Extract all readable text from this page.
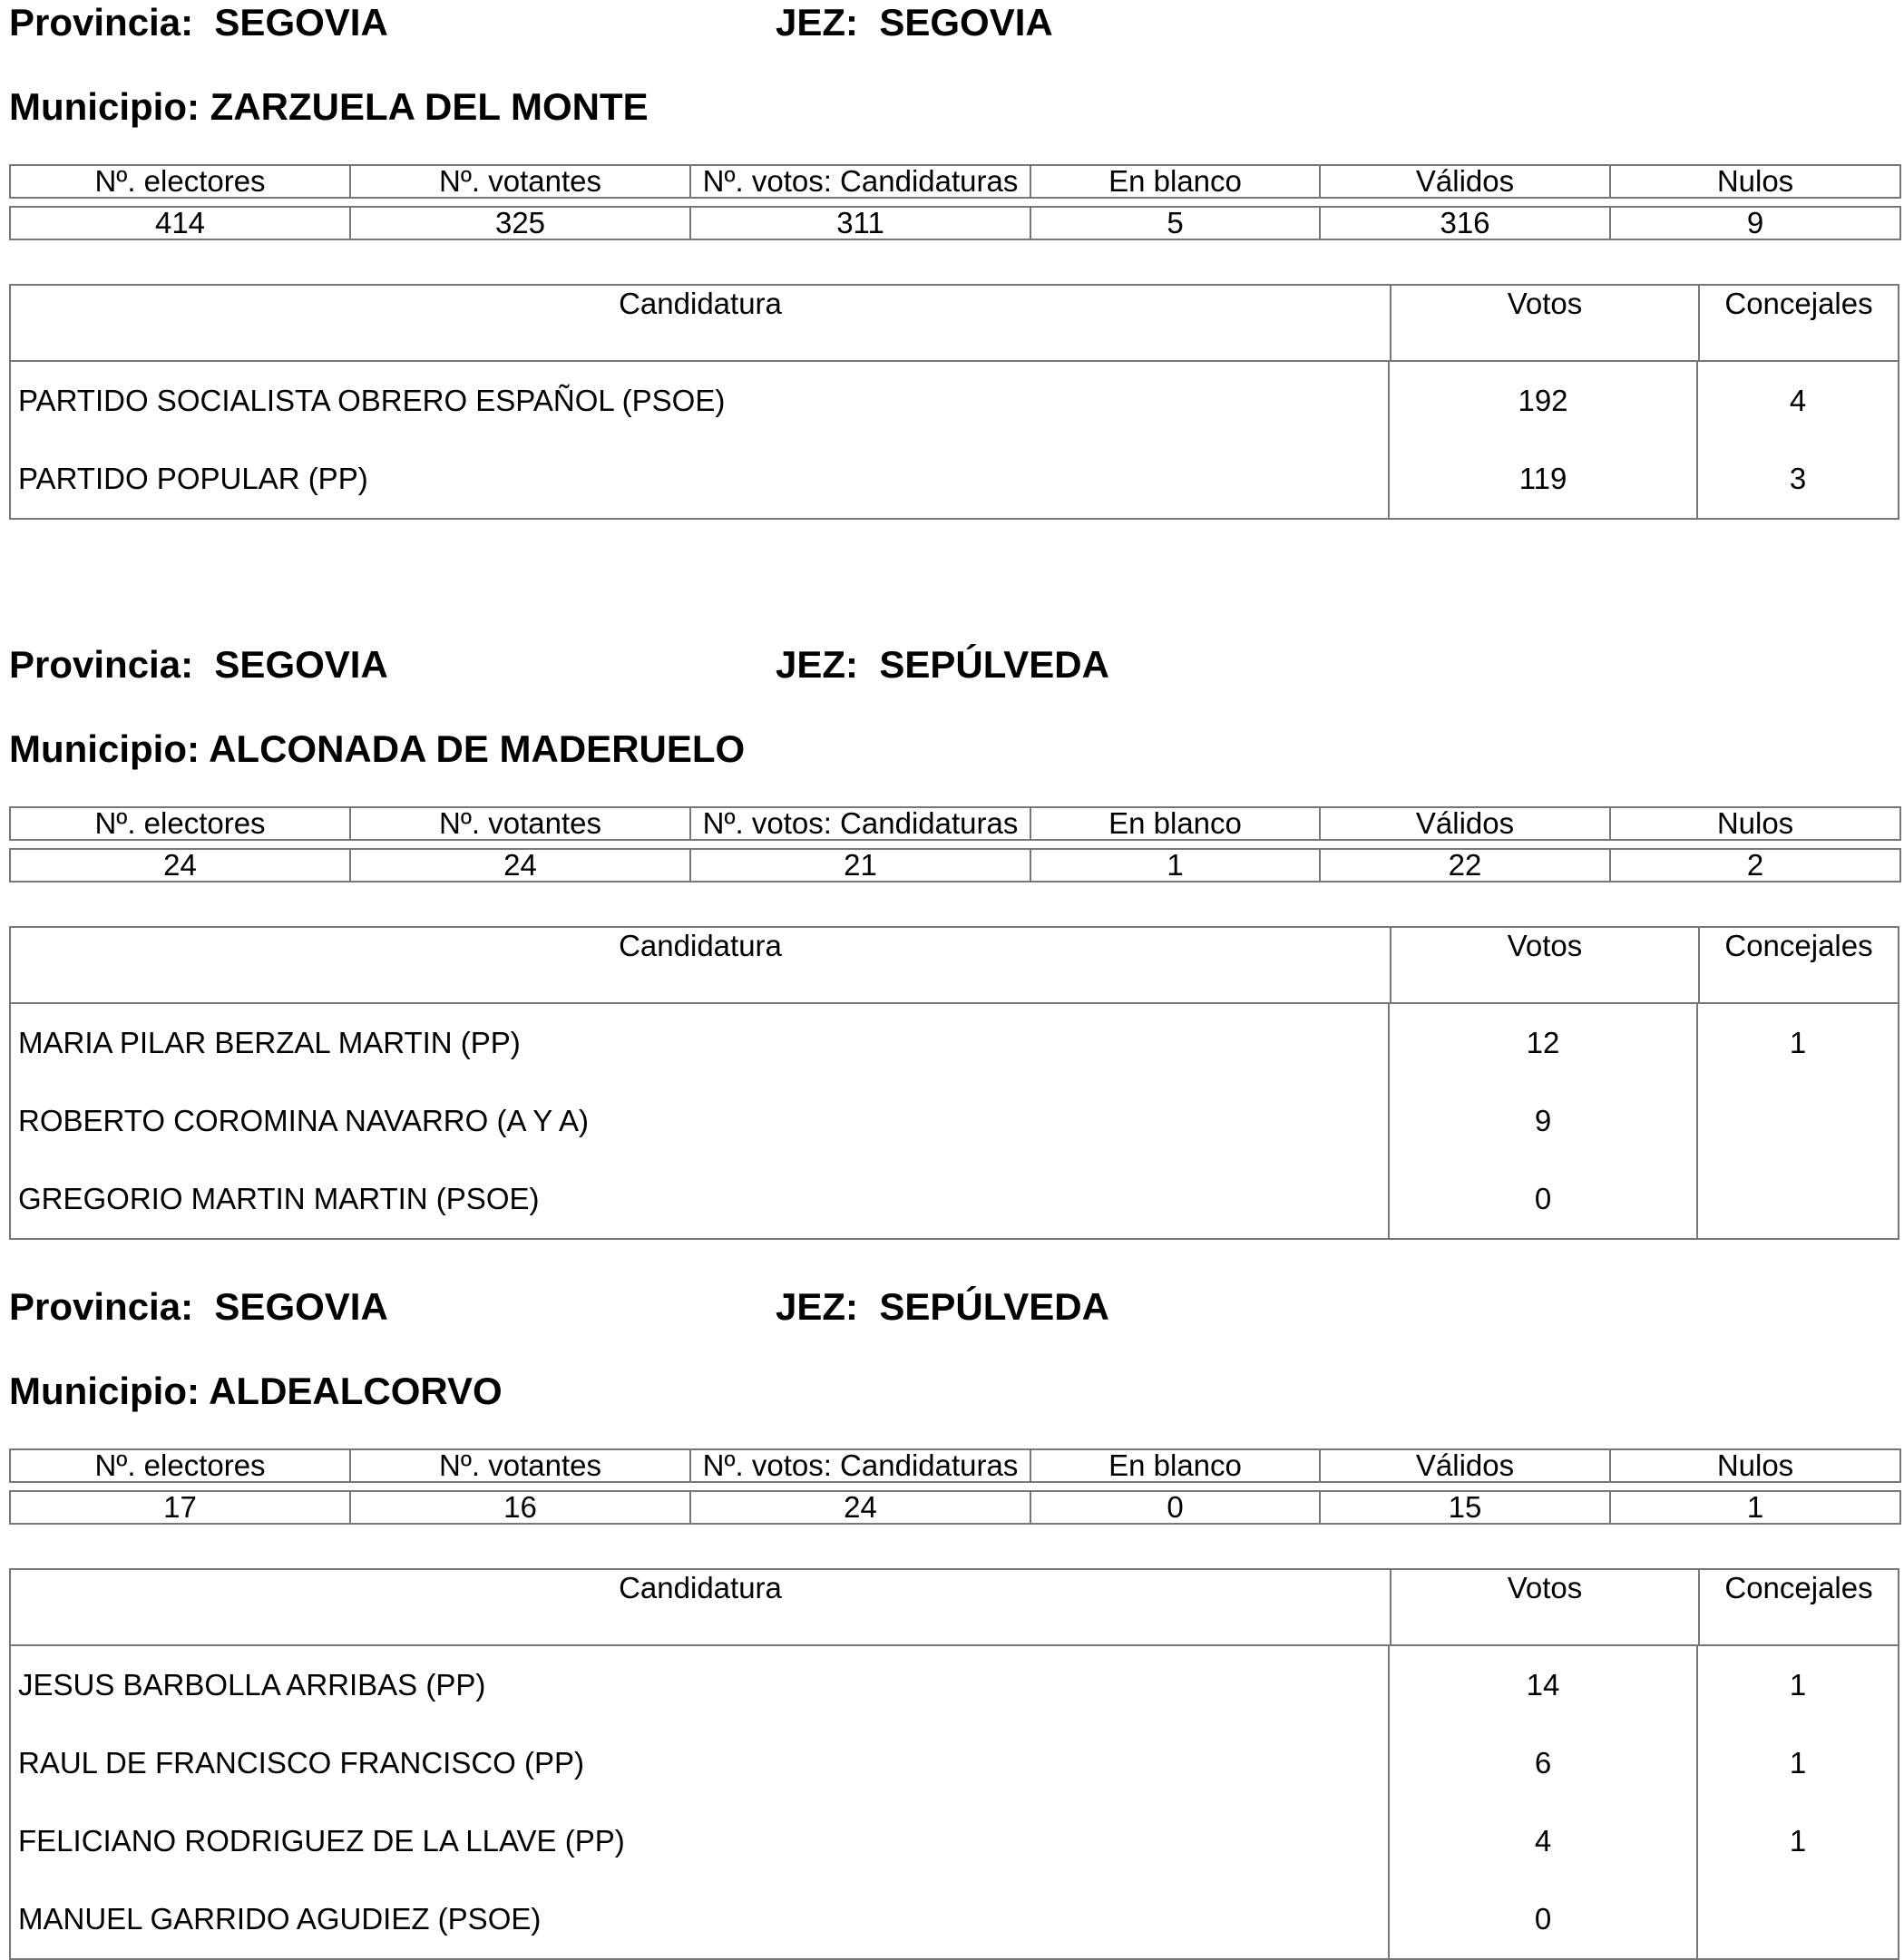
Provincia: SEGOVIA	JEZ: SEGOVIA
Municipio: ZARZUELA DEL MONTE
Nº. electores	Nº. votantes	Nº. votos: Candidaturas	En blanco	Válidos	Nulos

414	325	311	5	316	9
Candidatura	Votos	Concejales
PARTIDO SOCIALISTA OBRERO ESPAÑOL (PSOE)	192	4
PARTIDO POPULAR (PP)	119	3
Provincia: SEGOVIA	JEZ: SEPÚLVEDA
Municipio: ALCONADA DE MADERUELO
Nº. electores	Nº. votantes	Nº. votos: Candidaturas	En blanco	Válidos	Nulos

24	24	21	1	22	2
Candidatura	Votos	Concejales
MARIA PILAR BERZAL MARTIN (PP)	12	1
ROBERTO COROMINA NAVARRO (A Y A)	9
GREGORIO MARTIN MARTIN (PSOE)	0
Provincia: SEGOVIA	JEZ: SEPÚLVEDA
Municipio: ALDEALCORVO
Nº. electores	Nº. votantes	Nº. votos: Candidaturas	En blanco	Válidos	Nulos

17	16	24	0	15	1
Candidatura	Votos	Concejales
JESUS BARBOLLA ARRIBAS (PP)	14	1
RAUL DE FRANCISCO FRANCISCO (PP)	6	1
FELICIANO RODRIGUEZ DE LA LLAVE (PP)	4	1
MANUEL GARRIDO AGUDIEZ (PSOE)	0
